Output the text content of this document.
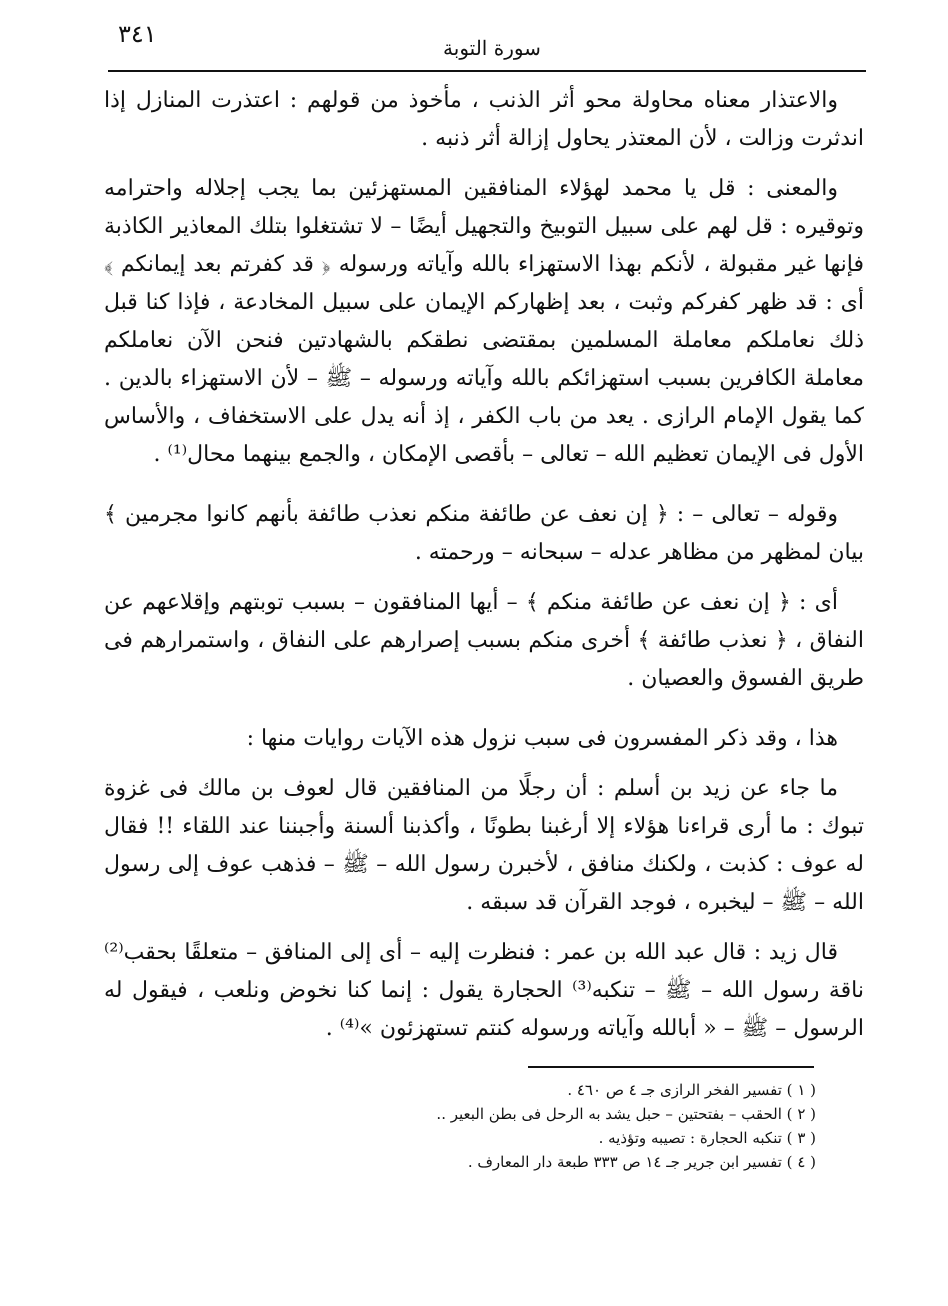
٣٤١	سورة التوبة

والاعتذار معناه محاولة محو أثر الذنب ، مأخوذ من قولهم : اعتذرت المنازل إذا اندثرت وزالت ، لأن المعتذر يحاول إزالة أثر ذنبه .

والمعنى : قل يا محمد لهؤلاء المنافقين المستهزئين بما يجب إجلاله واحترامه وتوقيره : قل لهم على سبيل التوبيخ والتجهيل أيضًا – لا تشتغلوا بتلك المعاذير الكاذبة فإنها غير مقبولة ، لأنكم بهذا الاستهزاء بالله وآياته ورسوله ﴿ قد كفرتم بعد إيمانكم ﴾ أى : قد ظهر كفركم وثبت ، بعد إظهاركم الإيمان على سبيل المخادعة ، فإذا كنا قبل ذلك نعاملكم معاملة المسلمين بمقتضى نطقكم بالشهادتين فنحن الآن نعاملكم معاملة الكافرين بسبب استهزائكم بالله وآياته ورسوله – ﷺ – لأن الاستهزاء بالدين . كما يقول الإمام الرازى . يعد من باب الكفر ، إذ أنه يدل على الاستخفاف ، والأساس الأول فى الإيمان تعظيم الله – تعالى – بأقصى الإمكان ، والجمع بينهما محال⁽¹⁾ .

وقوله – تعالى – : ﴿ إن نعف عن طائفة منكم نعذب طائفة بأنهم كانوا مجرمين ﴾ بيان لمظهر من مظاهر عدله – سبحانه – ورحمته .

أى : ﴿ إن نعف عن طائفة منكم ﴾ – أيها المنافقون – بسبب توبتهم وإقلاعهم عن النفاق ، ﴿ نعذب طائفة ﴾ أخرى منكم بسبب إصرارهم على النفاق ، واستمرارهم فى طريق الفسوق والعصيان .

هذا ، وقد ذكر المفسرون فى سبب نزول هذه الآيات روايات منها :

ما جاء عن زيد بن أسلم : أن رجلًا من المنافقين قال لعوف بن مالك فى غزوة تبوك : ما أرى قراءنا هؤلاء إلا أرغبنا بطونًا ، وأكذبنا ألسنة وأجبننا عند اللقاء !! فقال له عوف : كذبت ، ولكنك منافق ، لأخبرن رسول الله – ﷺ – فذهب عوف إلى رسول الله – ﷺ – ليخبره ، فوجد القرآن قد سبقه .

قال زيد : قال عبد الله بن عمر : فنظرت إليه – أى إلى المنافق – متعلقًا بحقب⁽²⁾ ناقة رسول الله – ﷺ – تنكبه⁽³⁾ الحجارة يقول : إنما كنا نخوض ونلعب ، فيقول له الرسول – ﷺ – « أبالله وآياته ورسوله كنتم تستهزئون »⁽⁴⁾ .

( ١ ) تفسير الفخر الرازى جـ ٤ ص ٤٦٠ .

( ٢ ) الحقب – بفتحتين – حبل يشد به الرحل فى بطن البعير ..

( ٣ ) تنكبه الحجارة : تصيبه وتؤذيه .

( ٤ ) تفسير ابن جرير جـ ١٤ ص ٣٣٣ طبعة دار المعارف .
